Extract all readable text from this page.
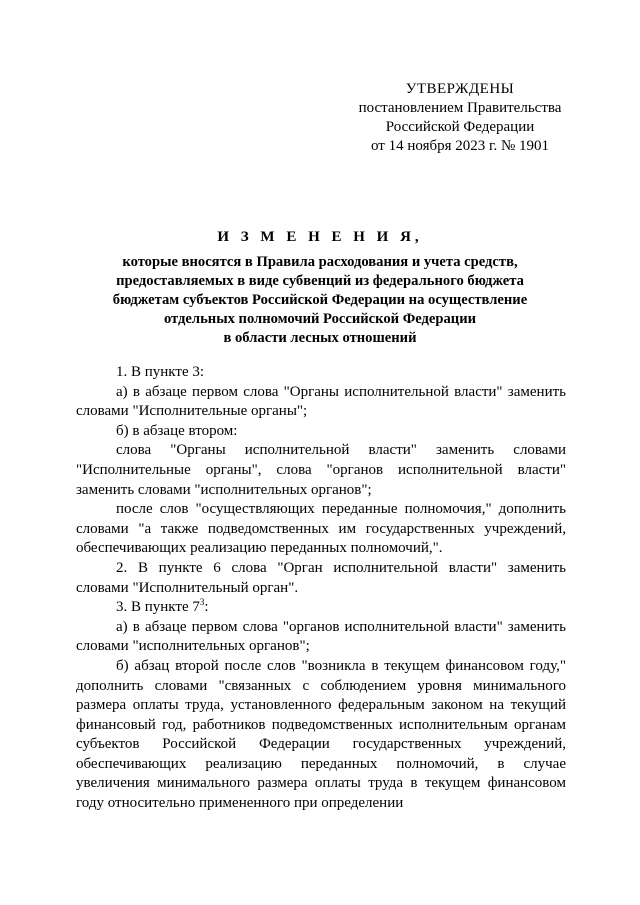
УТВЕРЖДЕНЫ
постановлением Правительства
Российской Федерации
от 14 ноября 2023 г. № 1901
И З М Е Н Е Н И Я,
которые вносятся в Правила расходования и учета средств,
предоставляемых в виде субвенций из федерального бюджета
бюджетам субъектов Российской Федерации на осуществление
отдельных полномочий Российской Федерации
в области лесных отношений

1. В пункте 3:

а) в абзаце первом слова "Органы исполнительной власти" заменить словами "Исполнительные органы";

б) в абзаце втором:

слова "Органы исполнительной власти" заменить словами "Исполнительные органы", слова "органов исполнительной власти" заменить словами "исполнительных органов";

после слов "осуществляющих переданные полномочия," дополнить словами "а также подведомственных им государственных учреждений, обеспечивающих реализацию переданных полномочий,".

2. В пункте 6 слова "Орган исполнительной власти" заменить словами "Исполнительный орган".

3. В пункте $7^3$:

а) в абзаце первом слова "органов исполнительной власти" заменить словами "исполнительных органов";

б) абзац второй после слов "возникла в текущем финансовом году," дополнить словами "связанных с соблюдением уровня минимального размера оплаты труда, установленного федеральным законом на текущий финансовый год, работников подведомственных исполнительным органам субъектов Российской Федерации государственных учреждений, обеспечивающих реализацию переданных полномочий, в случае увеличения минимального размера оплаты труда в текущем финансовом году относительно примененного при определении
